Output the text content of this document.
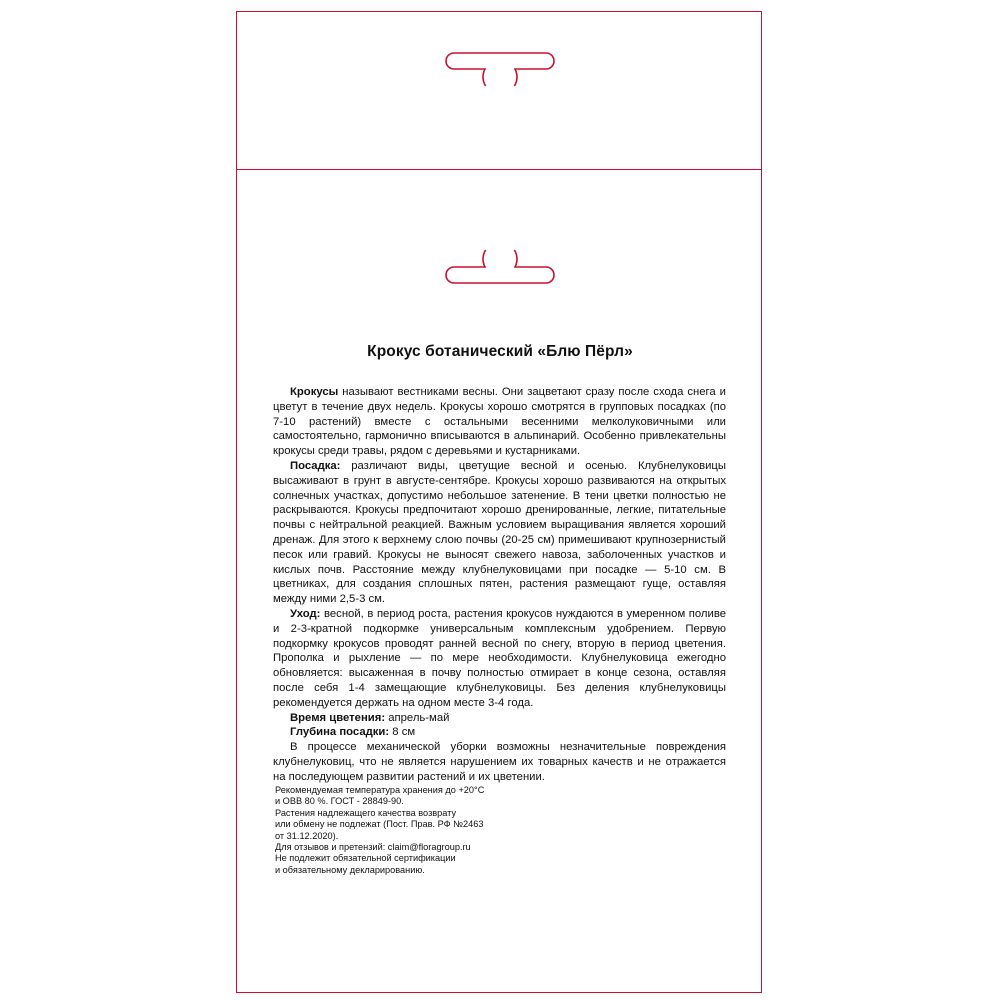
Крокус ботанический «Блю Пёрл»

Крокусы называют вестниками весны. Они зацветают сразу после схода снега и цветут в течение двух недель. Крокусы хорошо смотрятся в групповых посадках (по 7-10 растений) вместе с остальными весенними мелколуковичными или самостоятельно, гармонично вписываются в альпинарий. Особенно привлекательны крокусы среди травы, рядом с деревьями и кустарниками.

Посадка: различают виды, цветущие весной и осенью. Клубнелуковицы высаживают в грунт в августе-сентябре. Крокусы хорошо развиваются на открытых солнечных участках, допустимо небольшое затенение. В тени цветки полностью не раскрываются. Крокусы предпочитают хорошо дренированные, легкие, питательные почвы с нейтральной реакцией. Важным условием выращивания является хороший дренаж. Для этого к верхнему слою почвы (20-25 см) примешивают крупнозернистый песок или гравий. Крокусы не выносят свежего навоза, заболоченных участков и кислых почв. Расстояние между клубнелуковицами при посадке — 5-10 см. В цветниках, для создания сплошных пятен, растения размещают гуще, оставляя между ними 2,5-3 см.

Уход: весной, в период роста, растения крокусов нуждаются в умеренном поливе и 2-3-кратной подкормке универсальным комплексным удобрением. Первую подкормку крокусов проводят ранней весной по снегу, вторую в период цветения. Прополка и рыхление — по мере необходимости. Клубнелуковица ежегодно обновляется: высаженная в почву полностью отмирает в конце сезона, оставляя после себя 1-4 замещающие клубнелуковицы. Без деления клубнелуковицы рекомендуется держать на одном месте 3-4 года.

Время цветения: апрель-май

Глубина посадки: 8 см

В процессе механической уборки возможны незначительные повреждения клубнелуковиц, что не является нарушением их товарных качеств и не отражается на последующем развитии растений и их цветении.

Рекомендуемая температура хранения до +20°C
и ОВВ 80 %. ГОСТ - 28849-90.
Растения надлежащего качества возврату
или обмену не подлежат (Пост. Прав. РФ №2463
от 31.12.2020).
Для отзывов и претензий: claim@floragroup.ru
Не подлежит обязательной сертификации
и обязательному декларированию.
